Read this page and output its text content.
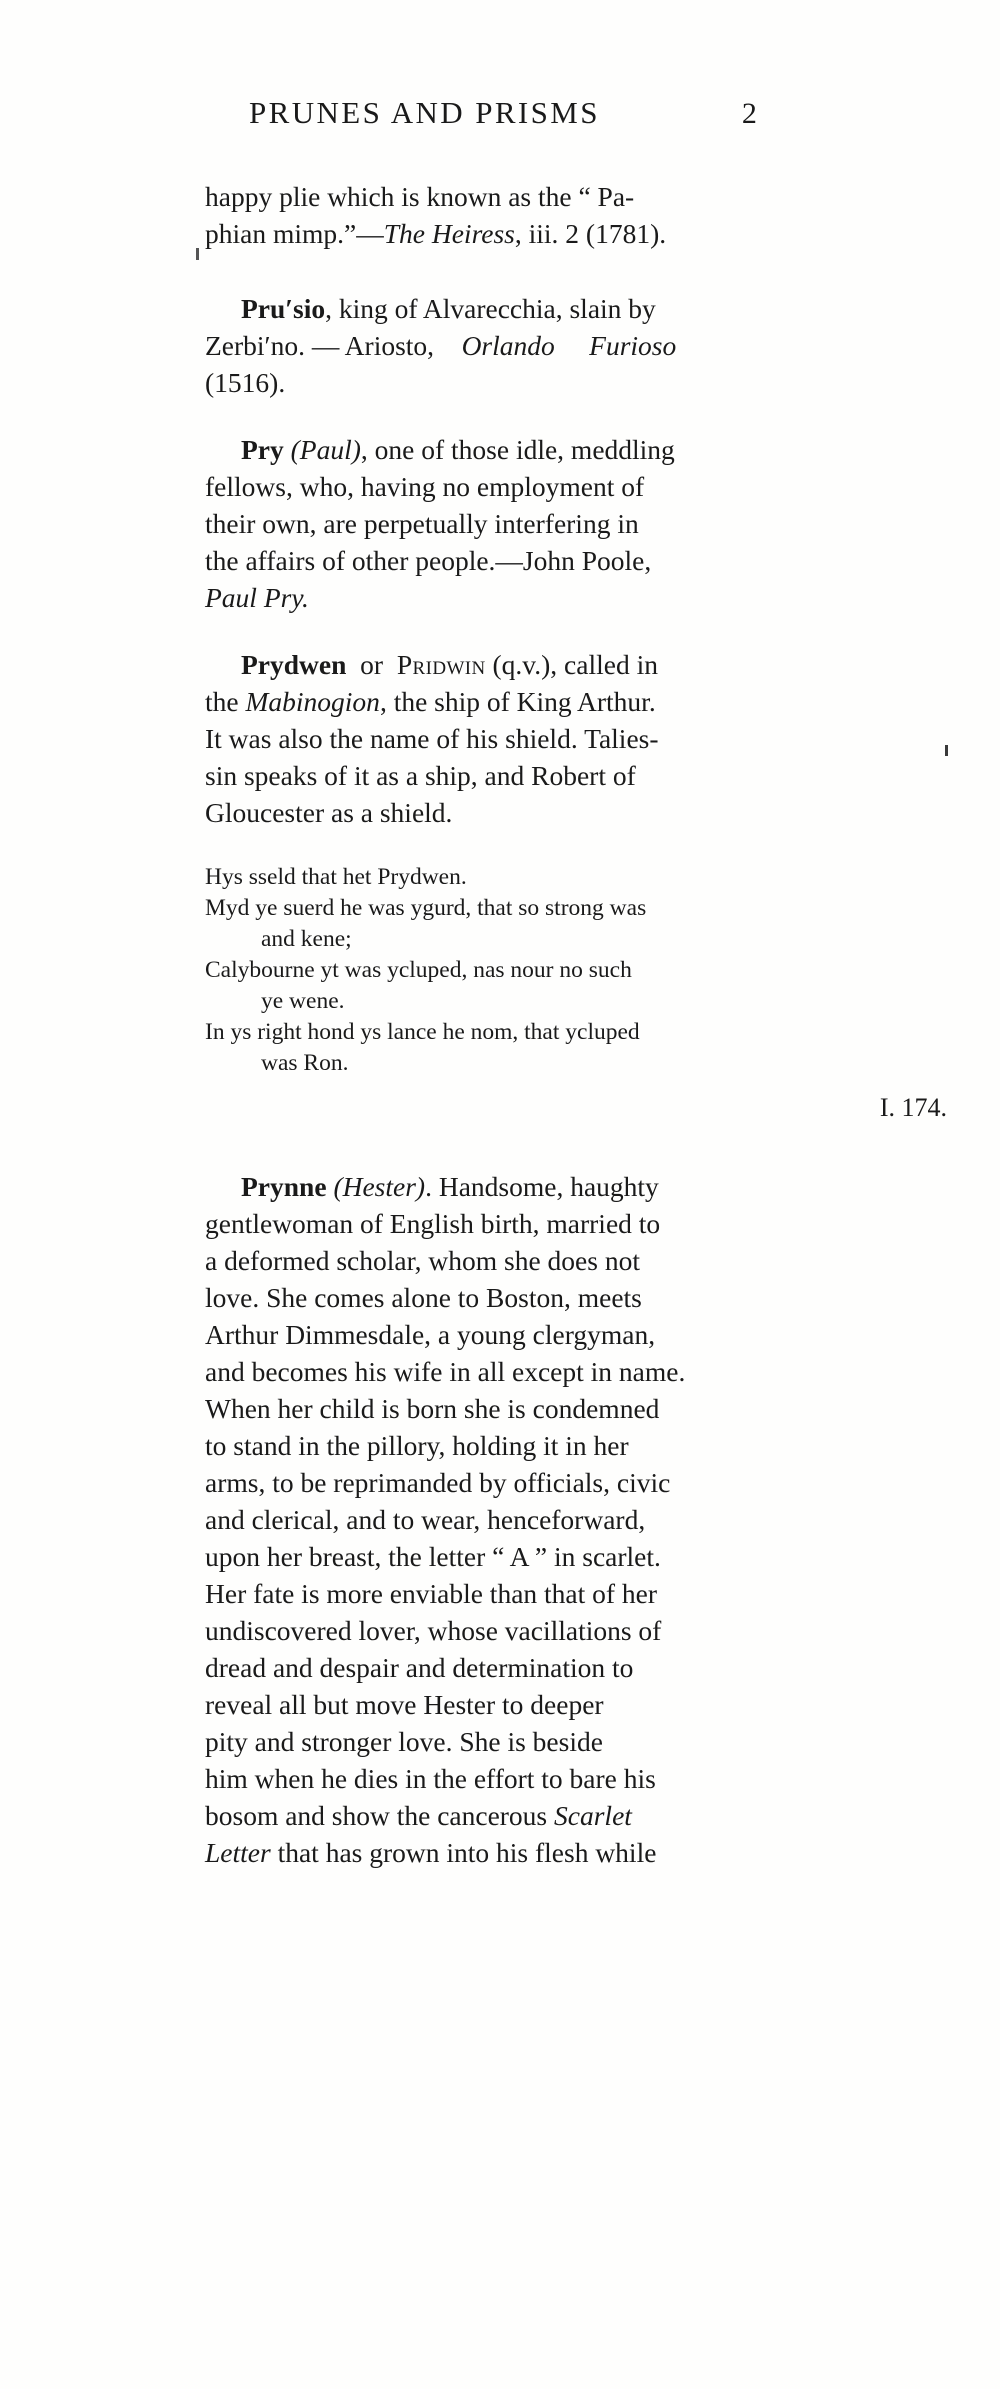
PRUNES AND PRISMS	2
happy plie which is known as the “ Pa-
phian mimp.”—The Heiress, iii. 2 (1781).
Pru′sio, king of Alvarecchia, slain by
Zerbi′no. — Ariosto, Orlando Furioso
(1516).
Pry (Paul), one of those idle, meddling
fellows, who, having no employment of
their own, are perpetually interfering in
the affairs of other people.—John Poole,
Paul Pry.
Prydwen or Pridwin (q.v.), called in
the Mabinogion, the ship of King Arthur.
It was also the name of his shield. Talies-
sin speaks of it as a ship, and Robert of
Gloucester as a shield.
Hys sseld that het Prydwen.
Myd ye suerd he was ygurd, that so strong was
and kene;
Calybourne yt was ycluped, nas nour no such
ye wene.
In ys right hond ys lance he nom, that ycluped
was Ron.
I. 174.
Prynne (Hester). Handsome, haughty
gentlewoman of English birth, married to
a deformed scholar, whom she does not
love. She comes alone to Boston, meets
Arthur Dimmesdale, a young clergyman,
and becomes his wife in all except in name.
When her child is born she is condemned
to stand in the pillory, holding it in her
arms, to be reprimanded by officials, civic
and clerical, and to wear, henceforward,
upon her breast, the letter “ A ” in scarlet.
Her fate is more enviable than that of her
undiscovered lover, whose vacillations of
dread and despair and determination to
reveal all but move Hester to deeper
pity and stronger love. She is beside
him when he dies in the effort to bare his
bosom and show the cancerous Scarlet
Letter that has grown into his flesh while
